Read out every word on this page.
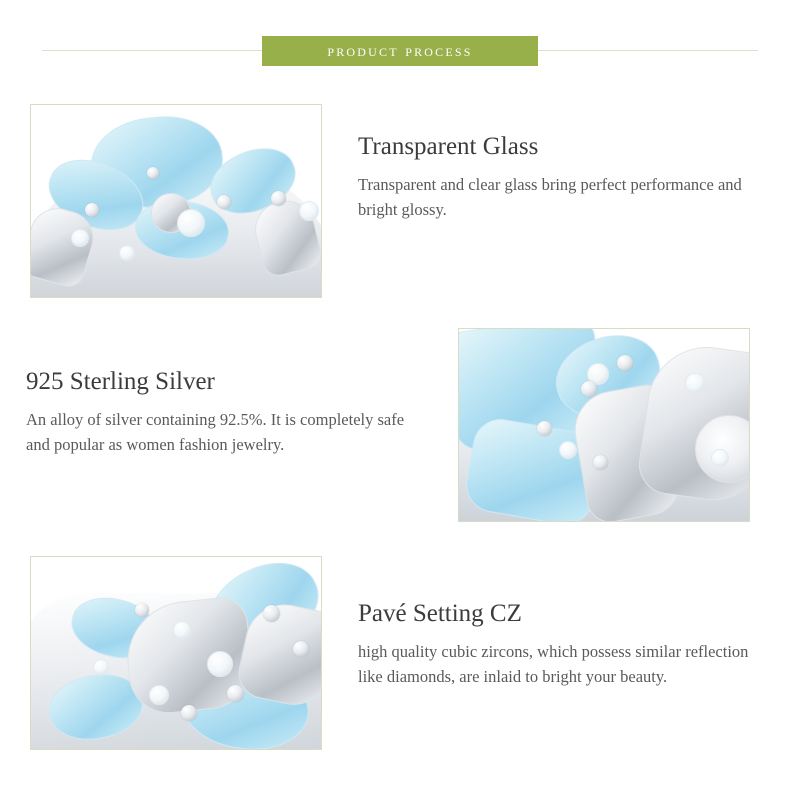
product process
Transparent Glass

Transparent and clear glass bring perfect performance and bright glossy.

925 Sterling Silver

An alloy of silver containing 92.5%. It is completely safe and popular as women fashion jewelry.

Pavé Setting CZ

high quality cubic zircons, which possess similar reflection like diamonds, are inlaid to bright your beauty.
